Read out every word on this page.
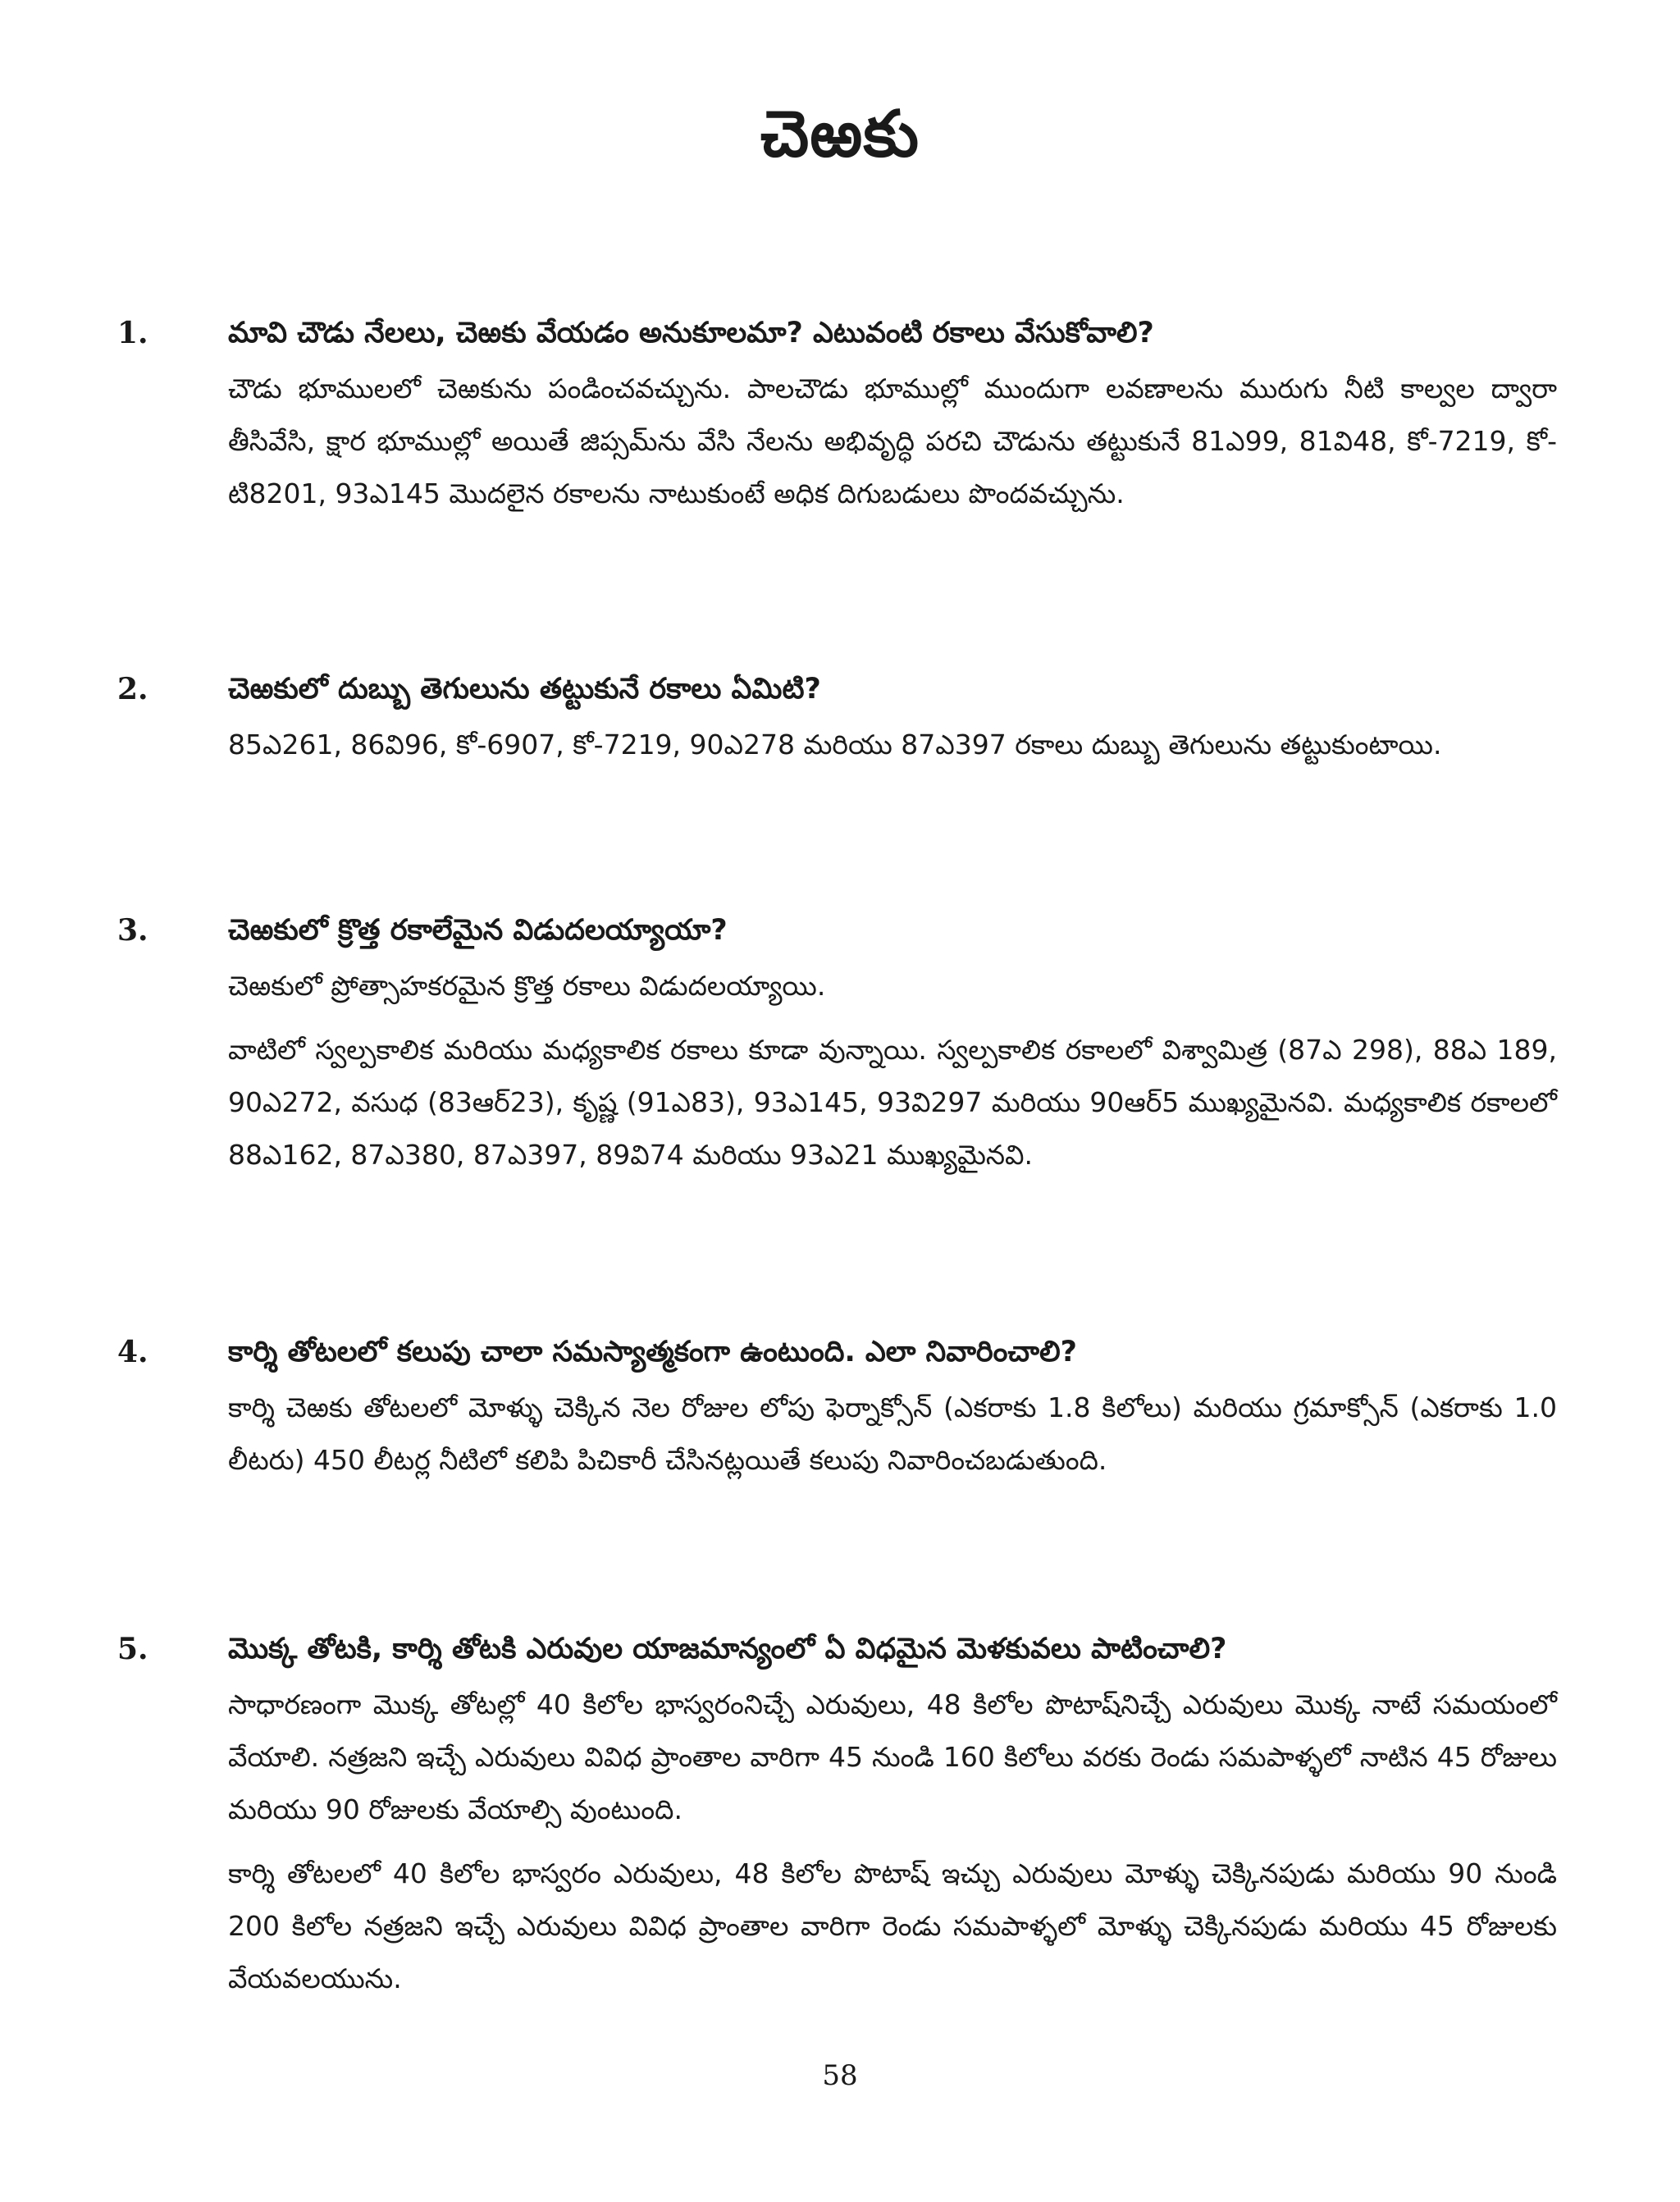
చెఱకు
1.	మావి చౌడు నేలలు, చెఱకు వేయడం అనుకూలమా? ఎటువంటి రకాలు వేసుకోవాలి?

చౌడు భూములలో చెఱకును పండించవచ్చును. పాలచౌడు భూముల్లో ముందుగా లవణాలను మురుగు నీటి కాల్వల ద్వారా తీసివేసి, క్షార భూముల్లో అయితే జిప్సమ్‌ను వేసి నేలను అభివృద్ధి పరచి చౌడును తట్టుకునే 81ఎ99, 81వి48, కో-7219, కో-టి8201, 93ఎ145 మొదలైన రకాలను నాటుకుంటే అధిక దిగుబడులు పొందవచ్చును.

2.	చెఱకులో దుబ్బు తెగులును తట్టుకునే రకాలు ఏమిటి?

85ఎ261, 86వి96, కో-6907, కో-7219, 90ఎ278 మరియు 87ఎ397 రకాలు దుబ్బు తెగులును తట్టుకుంటాయి.

3.	చెఱకులో క్రొత్త రకాలేమైన విడుదలయ్యాయా?

చెఱకులో ప్రోత్సాహకరమైన క్రొత్త రకాలు విడుదలయ్యాయి.

వాటిలో స్వల్పకాలిక మరియు మధ్యకాలిక రకాలు కూడా వున్నాయి. స్వల్పకాలిక రకాలలో విశ్వామిత్ర (87ఎ 298), 88ఎ 189, 90ఎ272, వసుధ (83ఆర్23), కృష్ణ (91ఎ83), 93ఎ145, 93వి297 మరియు 90ఆర్5 ముఖ్యమైనవి. మధ్యకాలిక రకాలలో 88ఎ162, 87ఎ380, 87ఎ397, 89వి74 మరియు 93ఎ21 ముఖ్యమైనవి.

4.	కార్శి తోటలలో కలుపు చాలా సమస్యాత్మకంగా ఉంటుంది. ఎలా నివారించాలి?

కార్శి చెఱకు తోటలలో మోళ్ళు చెక్కిన నెల రోజుల లోపు ఫెర్నాక్సోన్ (ఎకరాకు 1.8 కిలోలు) మరియు గ్రమాక్సోన్ (ఎకరాకు 1.0 లీటరు) 450 లీటర్ల నీటిలో కలిపి పిచికారీ చేసినట్లయితే కలుపు నివారించబడుతుంది.

5.	మొక్క తోటకి, కార్శి తోటకి ఎరువుల యాజమాన్యంలో ఏ విధమైన మెళకువలు పాటించాలి?

సాధారణంగా మొక్క తోటల్లో 40 కిలోల భాస్వరంనిచ్చే ఎరువులు, 48 కిలోల పొటాష్‌నిచ్చే ఎరువులు మొక్క నాటే సమయంలో వేయాలి. నత్రజని ఇచ్చే ఎరువులు వివిధ ప్రాంతాల వారిగా 45 నుండి 160 కిలోలు వరకు రెండు సమపాళ్ళలో నాటిన 45 రోజులు మరియు 90 రోజులకు వేయాల్సి వుంటుంది.

కార్శి తోటలలో 40 కిలోల భాస్వరం ఎరువులు, 48 కిలోల పొటాష్ ఇచ్చు ఎరువులు మోళ్ళు చెక్కినపుడు మరియు 90 నుండి 200 కిలోల నత్రజని ఇచ్చే ఎరువులు వివిధ ప్రాంతాల వారిగా రెండు సమపాళ్ళలో మోళ్ళు చెక్కినపుడు మరియు 45 రోజులకు వేయవలయును.

58
